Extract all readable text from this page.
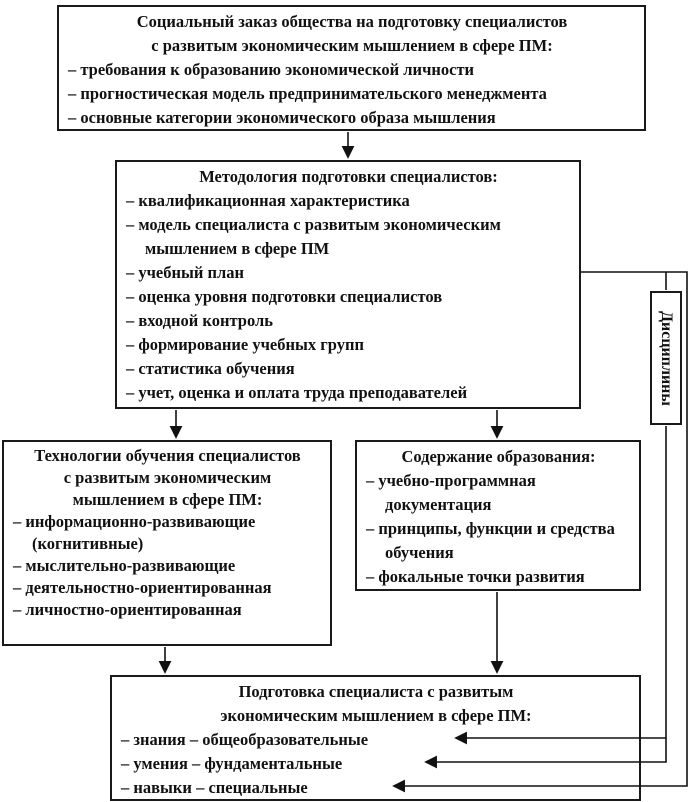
Социальный заказ общества на подготовку специалистов
с развитым экономическим мышлением в сфере ПМ:
– требования к образованию экономической личности
– прогностическая модель предпринимательского менеджмента
– основные категории экономического образа мышления
Методология подготовки специалистов:
– квалификационная характеристика
– модель специалиста с развитым экономическим мышлением в сфере ПМ
– учебный план
– оценка уровня подготовки специалистов
– входной контроль
– формирование учебных групп
– статистика обучения
– учет, оценка и оплата труда преподавателей	Дисциплины
Технологии обучения специалистов
с развитым экономическим
мышлением в сфере ПМ:
– информационно-развивающие (когнитивные)
– мыслительно-развивающие
– деятельностно-ориентированная
– личностно-ориентированная
Содержание образования:
– учебно-программная документация
– принципы, функции и средства обучения
– фокальные точки развития
Подготовка специалиста с развитым
экономическим мышлением в сфере ПМ:
– знания – общеобразовательные
– умения – фундаментальные
– навыки – специальные
